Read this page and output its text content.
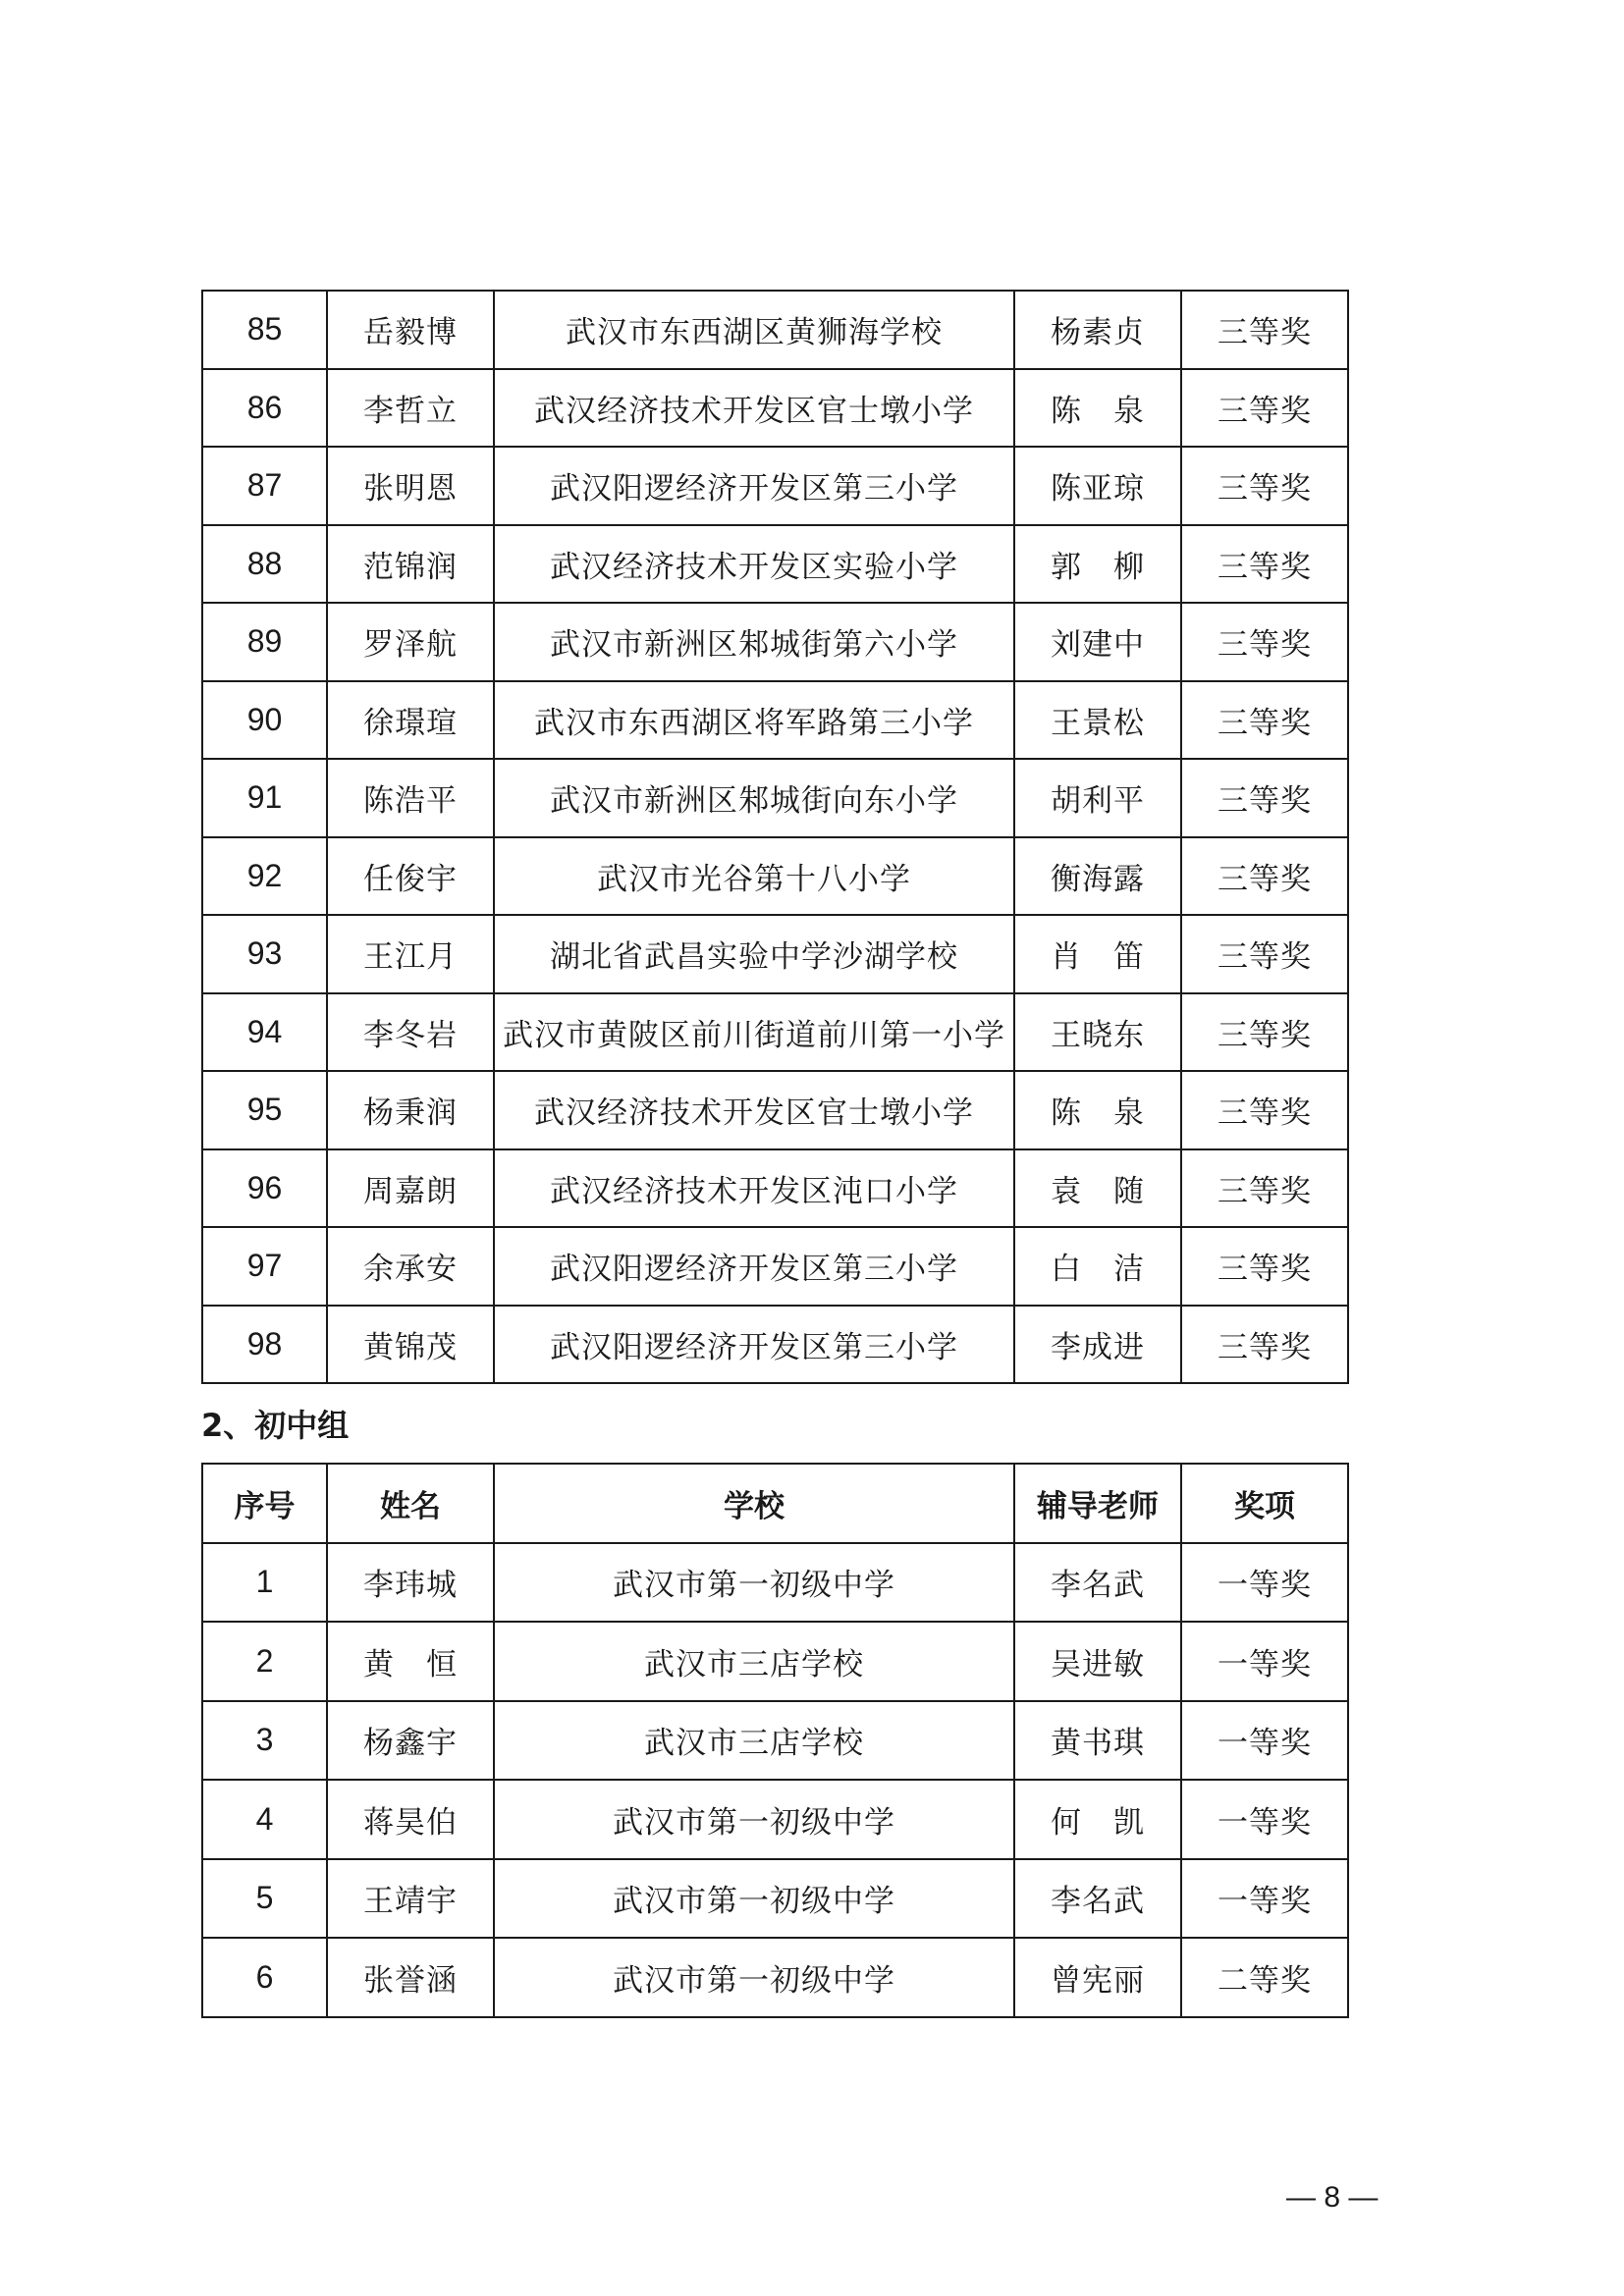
85	岳毅博	武汉市东西湖区黄狮海学校	杨素贞	三等奖
86	李哲立	武汉经济技术开发区官士墩小学	陈　泉	三等奖
87	张明恩	武汉阳逻经济开发区第三小学	陈亚琼	三等奖
88	范锦润	武汉经济技术开发区实验小学	郭　柳	三等奖
89	罗泽航	武汉市新洲区邾城街第六小学	刘建中	三等奖
90	徐璟瑄	武汉市东西湖区将军路第三小学	王景松	三等奖
91	陈浩平	武汉市新洲区邾城街向东小学	胡利平	三等奖
92	任俊宇	武汉市光谷第十八小学	衡海露	三等奖
93	王江月	湖北省武昌实验中学沙湖学校	肖　笛	三等奖
94	李冬岩	武汉市黄陂区前川街道前川第一小学	王晓东	三等奖
95	杨秉润	武汉经济技术开发区官士墩小学	陈　泉	三等奖
96	周嘉朗	武汉经济技术开发区沌口小学	袁　随	三等奖
97	余承安	武汉阳逻经济开发区第三小学	白　洁	三等奖
98	黄锦茂	武汉阳逻经济开发区第三小学	李成进	三等奖
2、初中组
序号	姓名	学校	辅导老师	奖项
1	李玮城	武汉市第一初级中学	李名武	一等奖
2	黄　恒	武汉市三店学校	吴进敏	一等奖
3	杨鑫宇	武汉市三店学校	黄书琪	一等奖
4	蒋昊伯	武汉市第一初级中学	何　凯	一等奖
5	王靖宇	武汉市第一初级中学	李名武	一等奖
6	张誉涵	武汉市第一初级中学	曾宪丽	二等奖
— 8 —
